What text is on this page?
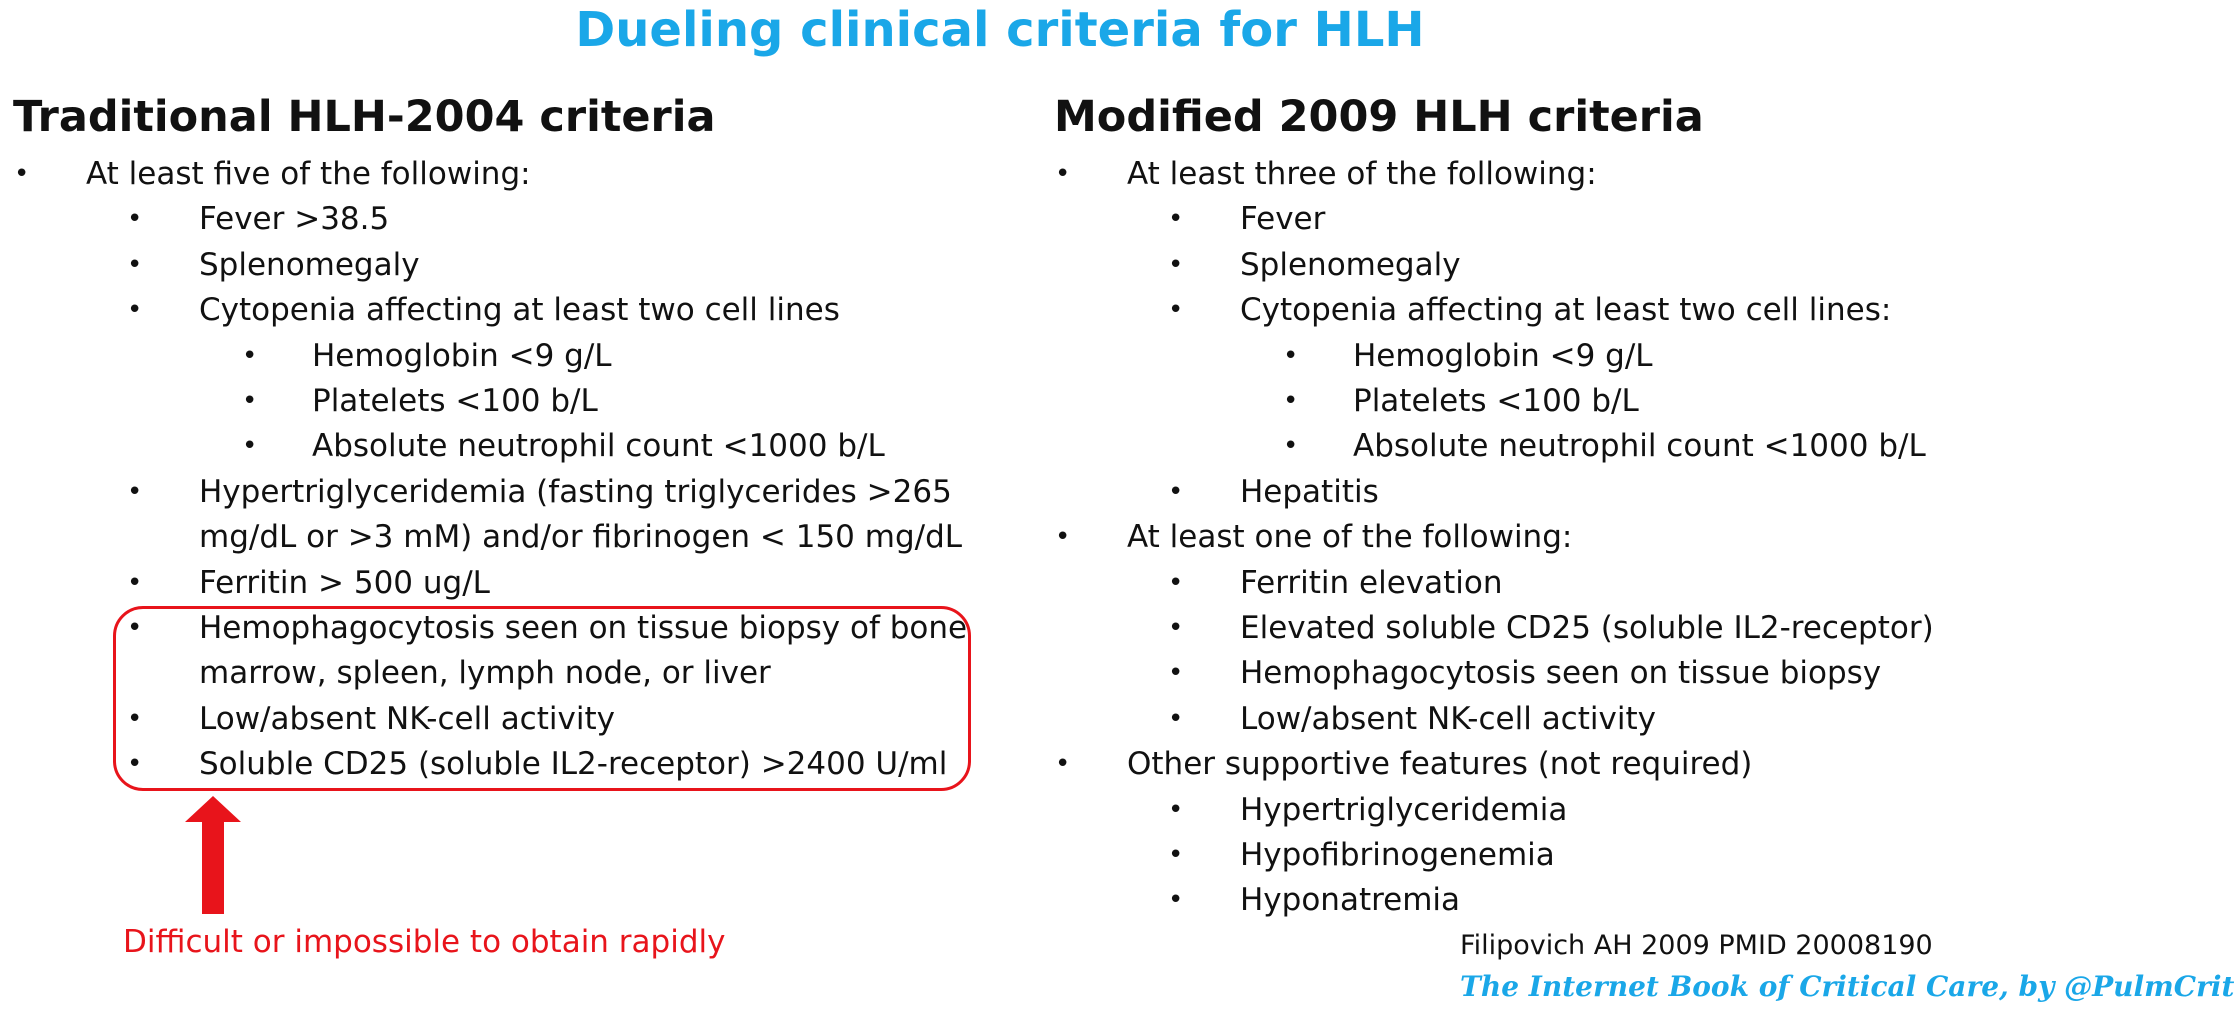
Dueling clinical criteria for HLH
Traditional HLH-2004 criteria	Modified 2009 HLH criteria
• At least five of the following:
• Fever >38.5
• Splenomegaly
• Cytopenia affecting at least two cell lines
• Hemoglobin <9 g/L
• Platelets <100 b/L
• Absolute neutrophil count <1000 b/L
• Hypertriglyceridemia (fasting triglycerides >265
mg/dL or >3 mM) and/or fibrinogen < 150 mg/dL
• Ferritin > 500 ug/L
• Hemophagocytosis seen on tissue biopsy of bone
marrow, spleen, lymph node, or liver
• Low/absent NK-cell activity
• Soluble CD25 (soluble IL2-receptor) >2400 U/ml
• At least three of the following:
• Fever
• Splenomegaly
• Cytopenia affecting at least two cell lines:
• Hemoglobin <9 g/L
• Platelets <100 b/L
• Absolute neutrophil count <1000 b/L
• Hepatitis
• At least one of the following:
• Ferritin elevation
• Elevated soluble CD25 (soluble IL2-receptor)
• Hemophagocytosis seen on tissue biopsy
• Low/absent NK-cell activity
• Other supportive features (not required)
• Hypertriglyceridemia
• Hypofibrinogenemia
• Hyponatremia
Difficult or impossible to obtain rapidly	Filipovich AH 2009 PMID 20008190
The Internet Book of Critical Care, by @PulmCrit
